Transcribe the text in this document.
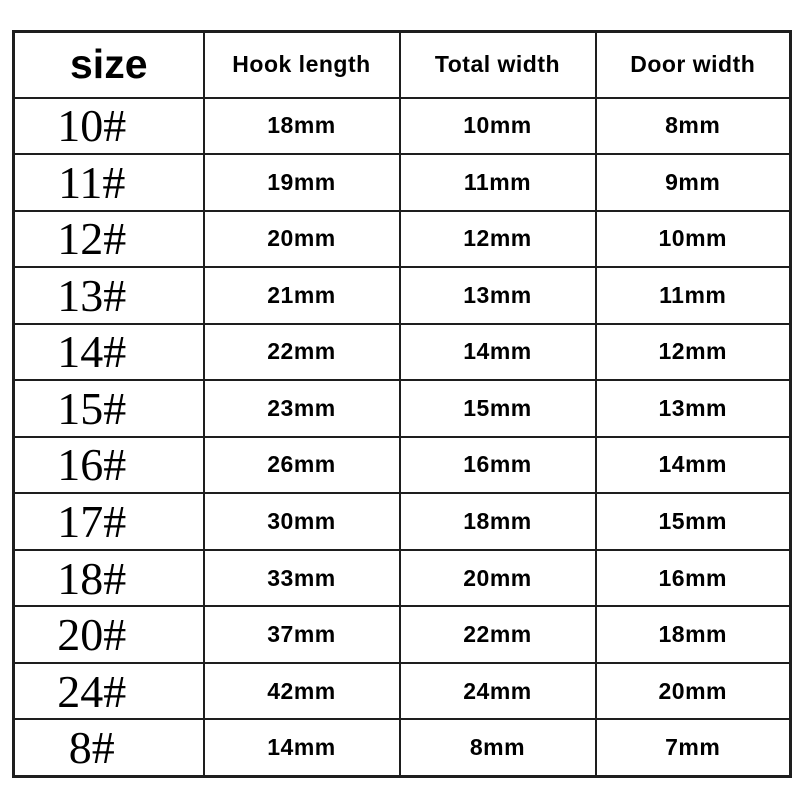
size	Hook length	Total width	Door width
10#	18mm	10mm	8mm
11#	19mm	11mm	9mm
12#	20mm	12mm	10mm
13#	21mm	13mm	11mm
14#	22mm	14mm	12mm
15#	23mm	15mm	13mm
16#	26mm	16mm	14mm
17#	30mm	18mm	15mm
18#	33mm	20mm	16mm
20#	37mm	22mm	18mm
24#	42mm	24mm	20mm
8#	14mm	8mm	7mm
